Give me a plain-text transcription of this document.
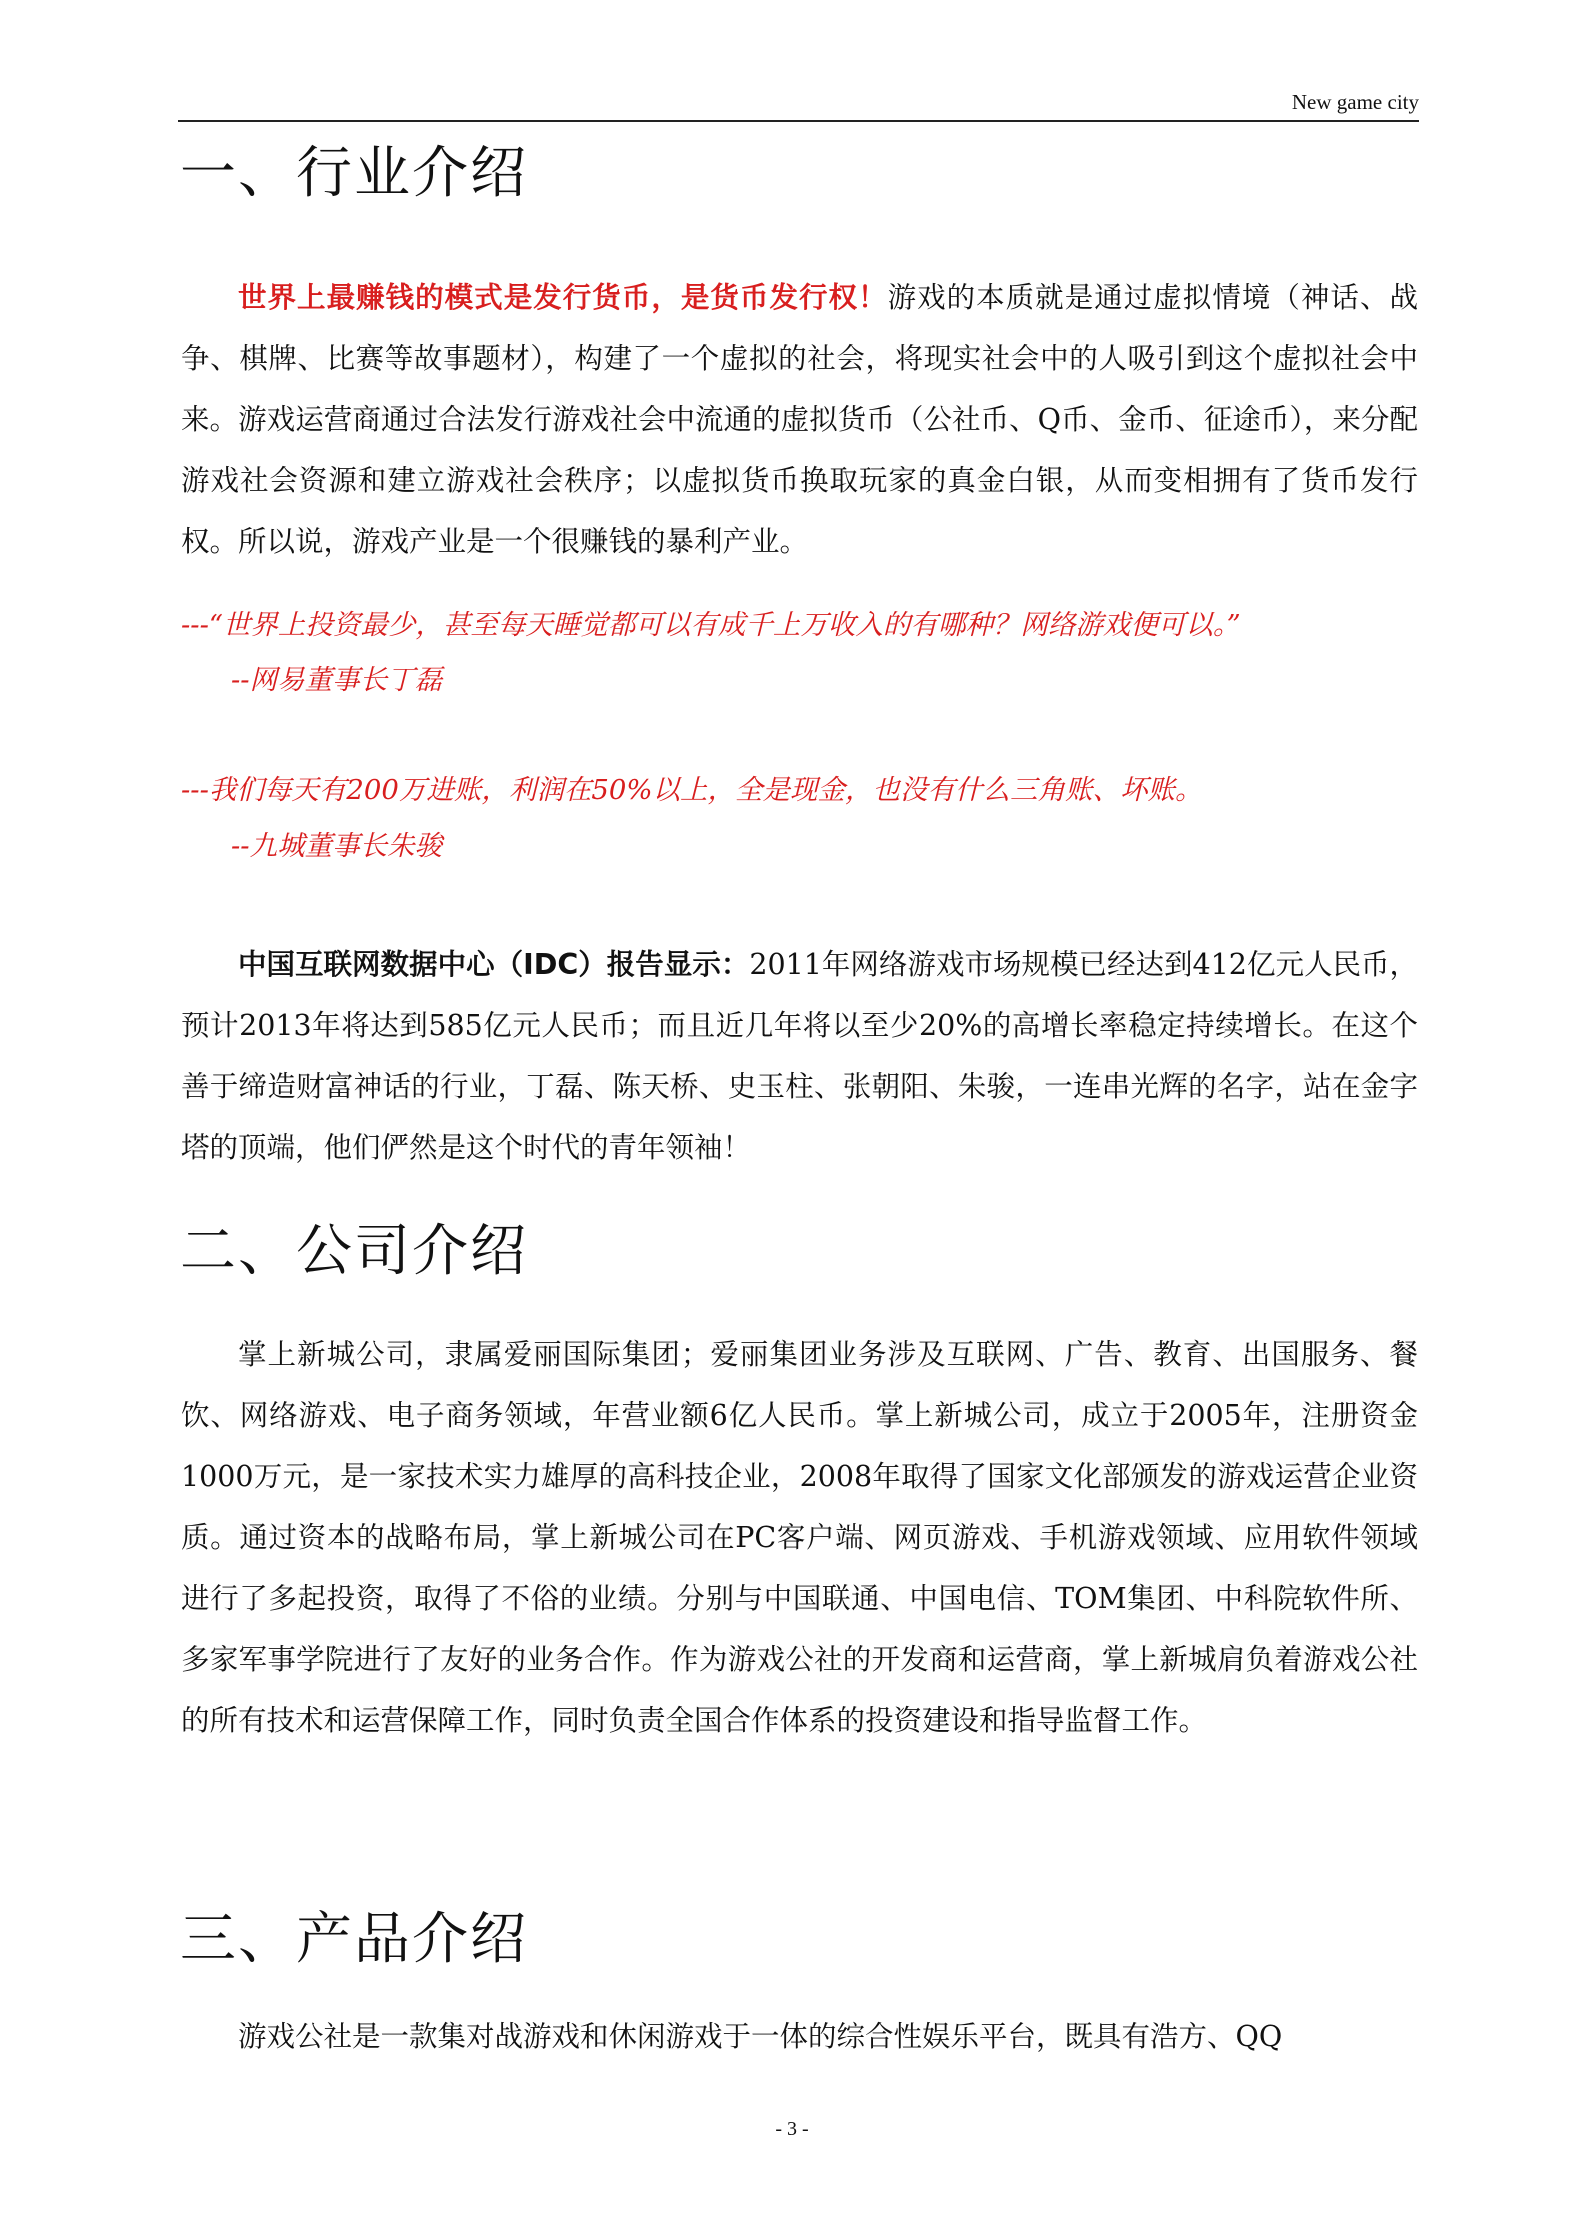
New game city
一、行业介绍

世界上最赚钱的模式是发行货币，是货币发行权！游戏的本质就是通过虚拟情境（神话、战争、棋牌、比赛等故事题材），构建了一个虚拟的社会，将现实社会中的人吸引到这个虚拟社会中来。游戏运营商通过合法发行游戏社会中流通的虚拟货币（公社币、Q币、金币、征途币），来分配游戏社会资源和建立游戏社会秩序；以虚拟货币换取玩家的真金白银，从而变相拥有了货币发行权。所以说，游戏产业是一个很赚钱的暴利产业。

---“世界上投资最少，甚至每天睡觉都可以有成千上万收入的有哪种？网络游戏便可以。”
--网易董事长丁磊
---我们每天有200万进账，利润在50%以上，全是现金，也没有什么三角账、坏账。
--九城董事长朱骏

中国互联网数据中心（IDC）报告显示：2011年网络游戏市场规模已经达到412亿元人民币，预计2013年将达到585亿元人民币；而且近几年将以至少20%的高增长率稳定持续增长。在这个善于缔造财富神话的行业，丁磊、陈天桥、史玉柱、张朝阳、朱骏，一连串光辉的名字，站在金字塔的顶端，他们俨然是这个时代的青年领袖！

二、公司介绍

掌上新城公司，隶属爱丽国际集团；爱丽集团业务涉及互联网、广告、教育、出国服务、餐饮、网络游戏、电子商务领域，年营业额6亿人民币。掌上新城公司，成立于2005年，注册资金1000万元，是一家技术实力雄厚的高科技企业，2008年取得了国家文化部颁发的游戏运营企业资质。通过资本的战略布局，掌上新城公司在PC客户端、网页游戏、手机游戏领域、应用软件领域进行了多起投资，取得了不俗的业绩。分别与中国联通、中国电信、TOM集团、中科院软件所、多家军事学院进行了友好的业务合作。作为游戏公社的开发商和运营商，掌上新城肩负着游戏公社的所有技术和运营保障工作，同时负责全国合作体系的投资建设和指导监督工作。

三、产品介绍

游戏公社是一款集对战游戏和休闲游戏于一体的综合性娱乐平台，既具有浩方、QQ

- 3 -
